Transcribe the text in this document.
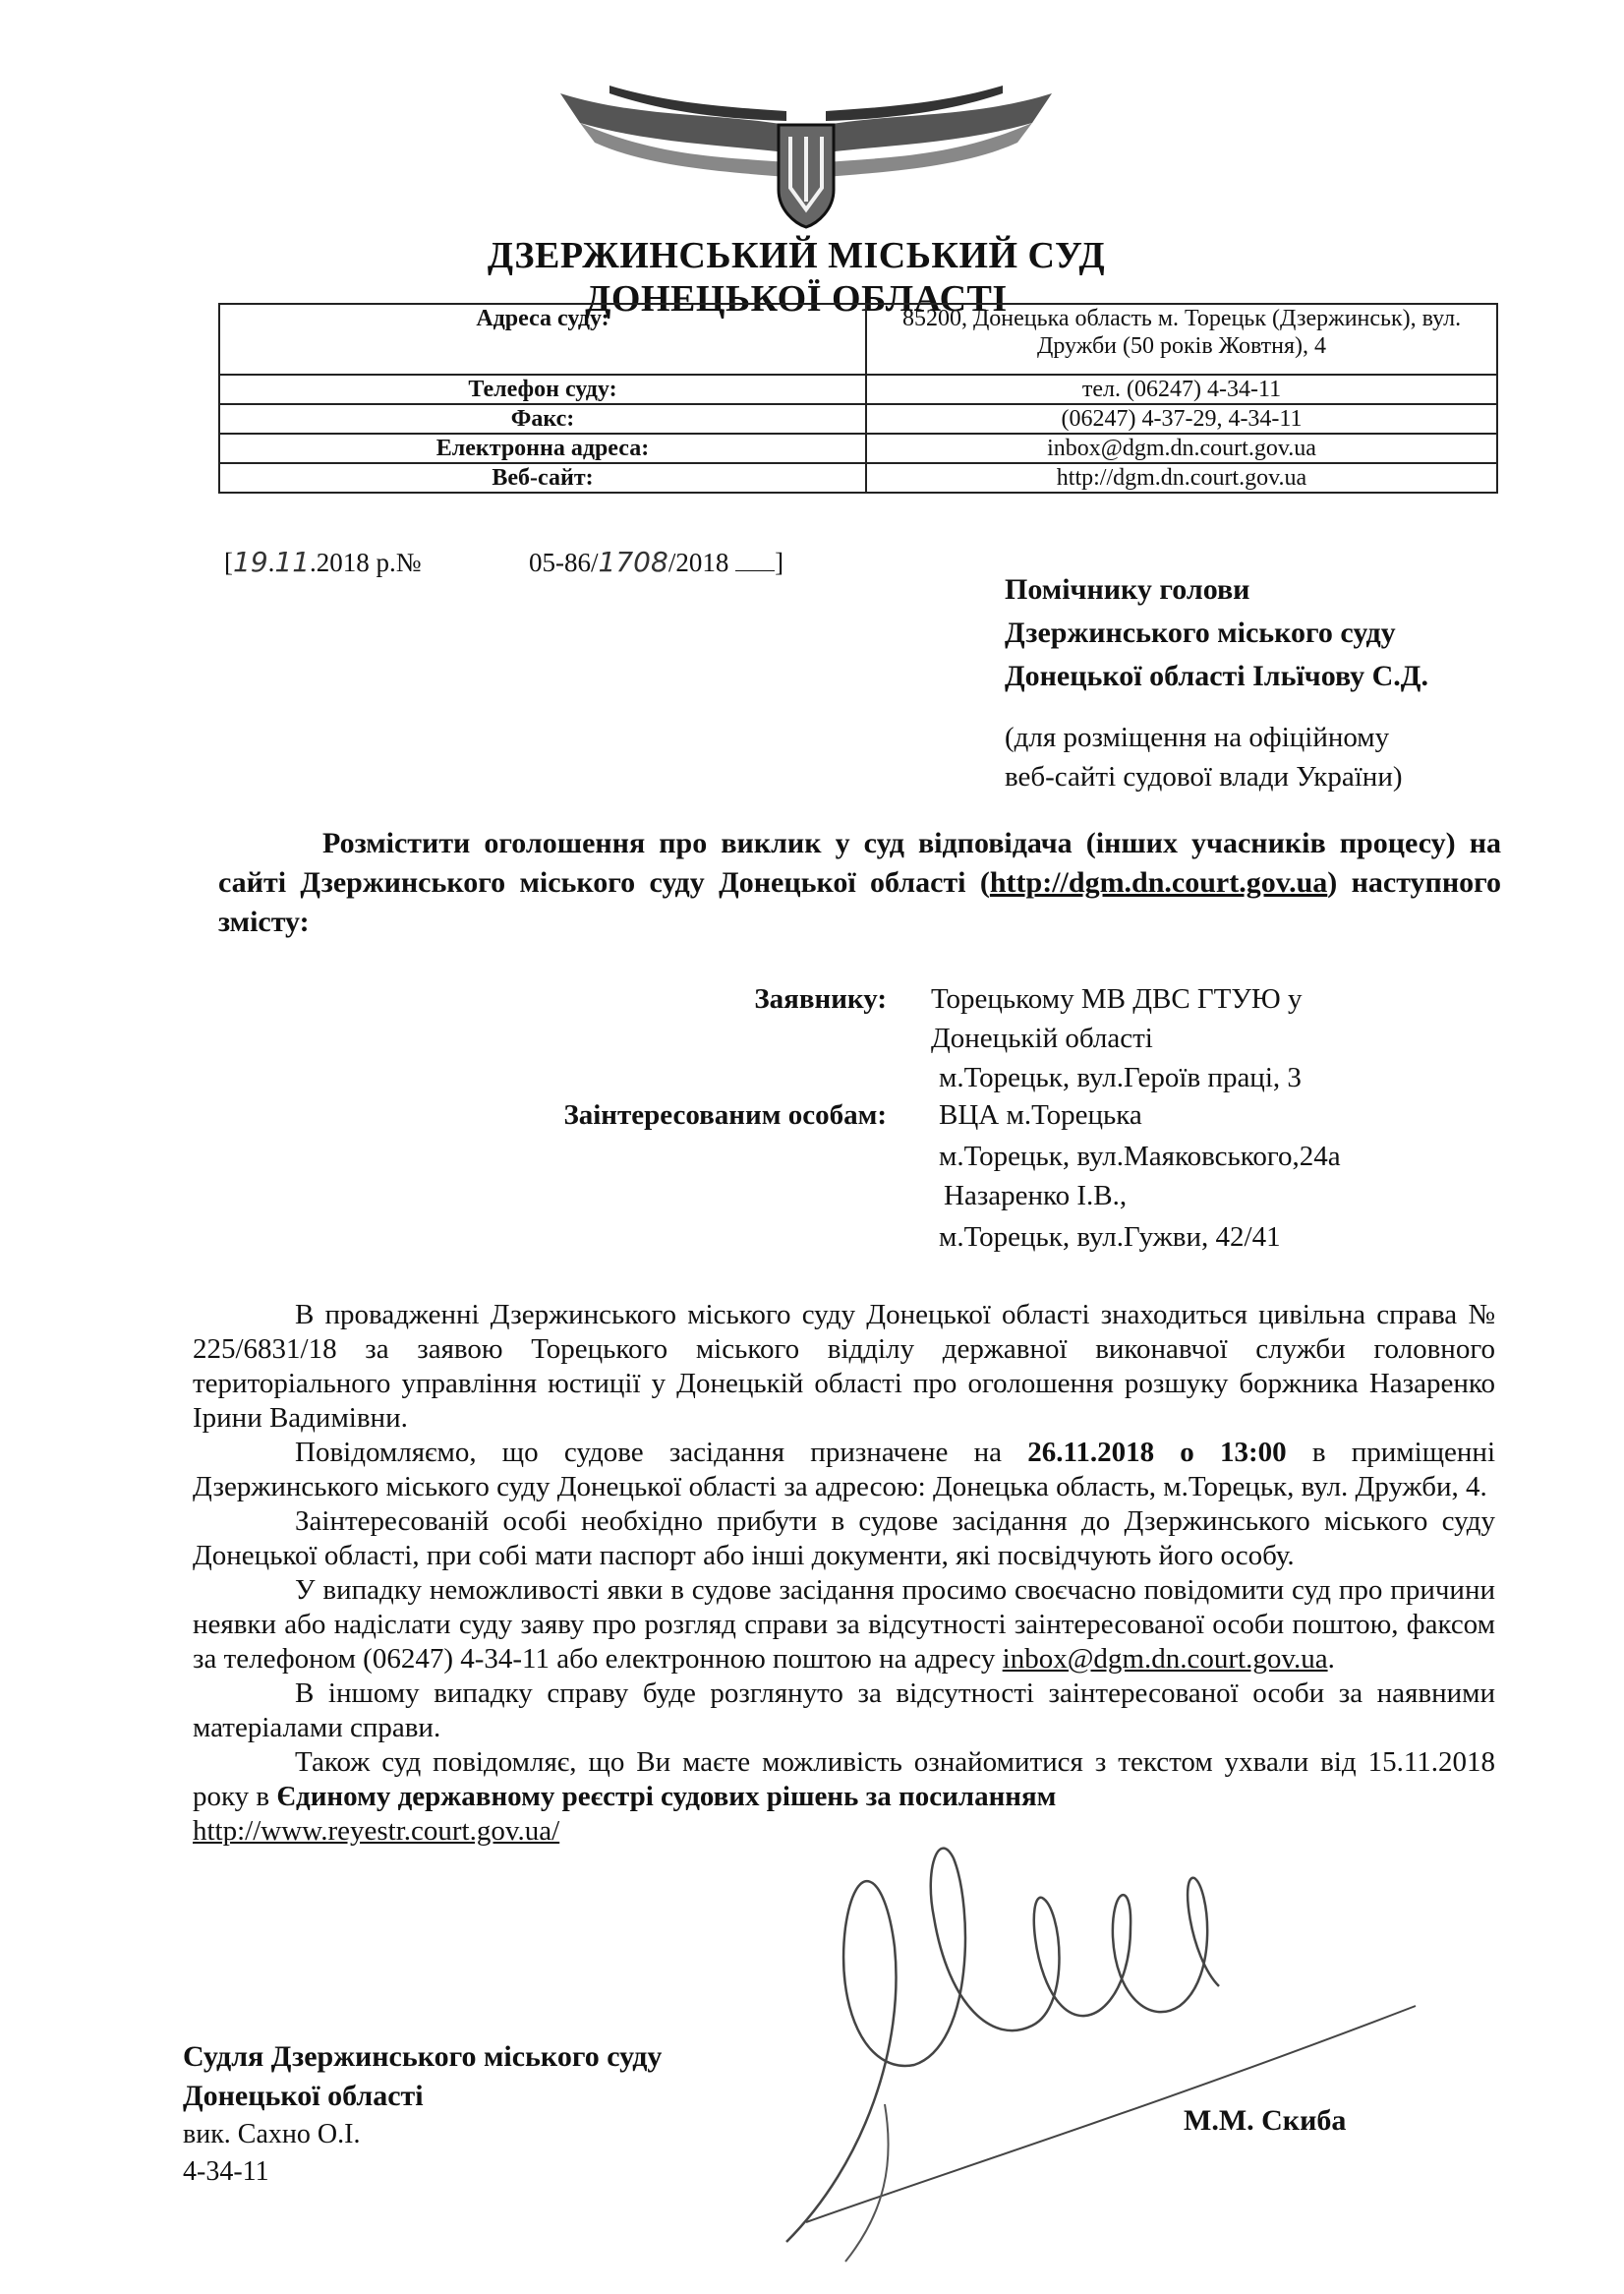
ДЗЕРЖИНСЬКИЙ МІСЬКИЙ СУД
ДОНЕЦЬКОЇ ОБЛАСТІ
Адреса суду:	85200, Донецька область м. Торецьк (Дзержинськ), вул. Дружби (50 років Жовтня), 4
Телефон суду:	тел. (06247) 4-34-11
Факс:	(06247) 4-37-29, 4-34-11
Електронна адреса:	inbox@dgm.dn.court.gov.ua
Веб-сайт:	http://dgm.dn.court.gov.ua
[19.11.2018 р.№	05-86/1708/2018 ]
Помічнику голови
Дзержинського міського суду
Донецької області Ільїчову С.Д.
(для розміщення на офіційному
веб-сайті судової влади України)

Розмістити оголошення про виклик у суд відповідача (інших учасників процесу) на сайті Дзержинського міського суду Донецької області (http://dgm.dn.court.gov.ua) наступного змісту:

Заявнику: Торецькому МВ ДВС ГТУЮ у
Донецькій області
м.Торецьк, вул.Героїв праці, 3
Заінтересованим особам: ВЦА м.Торецька
м.Торецьк, вул.Маяковського,24а
Назаренко І.В.,
м.Торецьк, вул.Гужви, 42/41

В провадженні Дзержинського міського суду Донецької області знаходиться цивільна справа № 225/6831/18 за заявою Торецького міського відділу державної виконавчої служби головного територіального управління юстиції у Донецькій області про оголошення розшуку боржника Назаренко Ірини Вадимівни.

Повідомляємо, що судове засідання призначене на 26.11.2018 о 13:00 в приміщенні Дзержинського міського суду Донецької області за адресою: Донецька область, м.Торецьк, вул. Дружби, 4.

Заінтересованій особі необхідно прибути в судове засідання до Дзержинського міського суду Донецької області, при собі мати паспорт або інші документи, які посвідчують його особу.

У випадку неможливості явки в судове засідання просимо своєчасно повідомити суд про причини неявки або надіслати суду заяву про розгляд справи за відсутності заінтересованої особи поштою, факсом за телефоном (06247) 4-34-11 або електронною поштою на адресу inbox@dgm.dn.court.gov.ua.

В іншому випадку справу буде розглянуто за відсутності заінтересованої особи за наявними матеріалами справи.

Також суд повідомляє, що Ви маєте можливість ознайомитися з текстом ухвали від 15.11.2018 року в Єдиному державному реєстрі судових рішень за посиланням
http://www.reyestr.court.gov.ua/

Судля Дзержинського міського суду
Донецької області
вик. Сахно О.І.
4-34-11
М.М. Скиба
